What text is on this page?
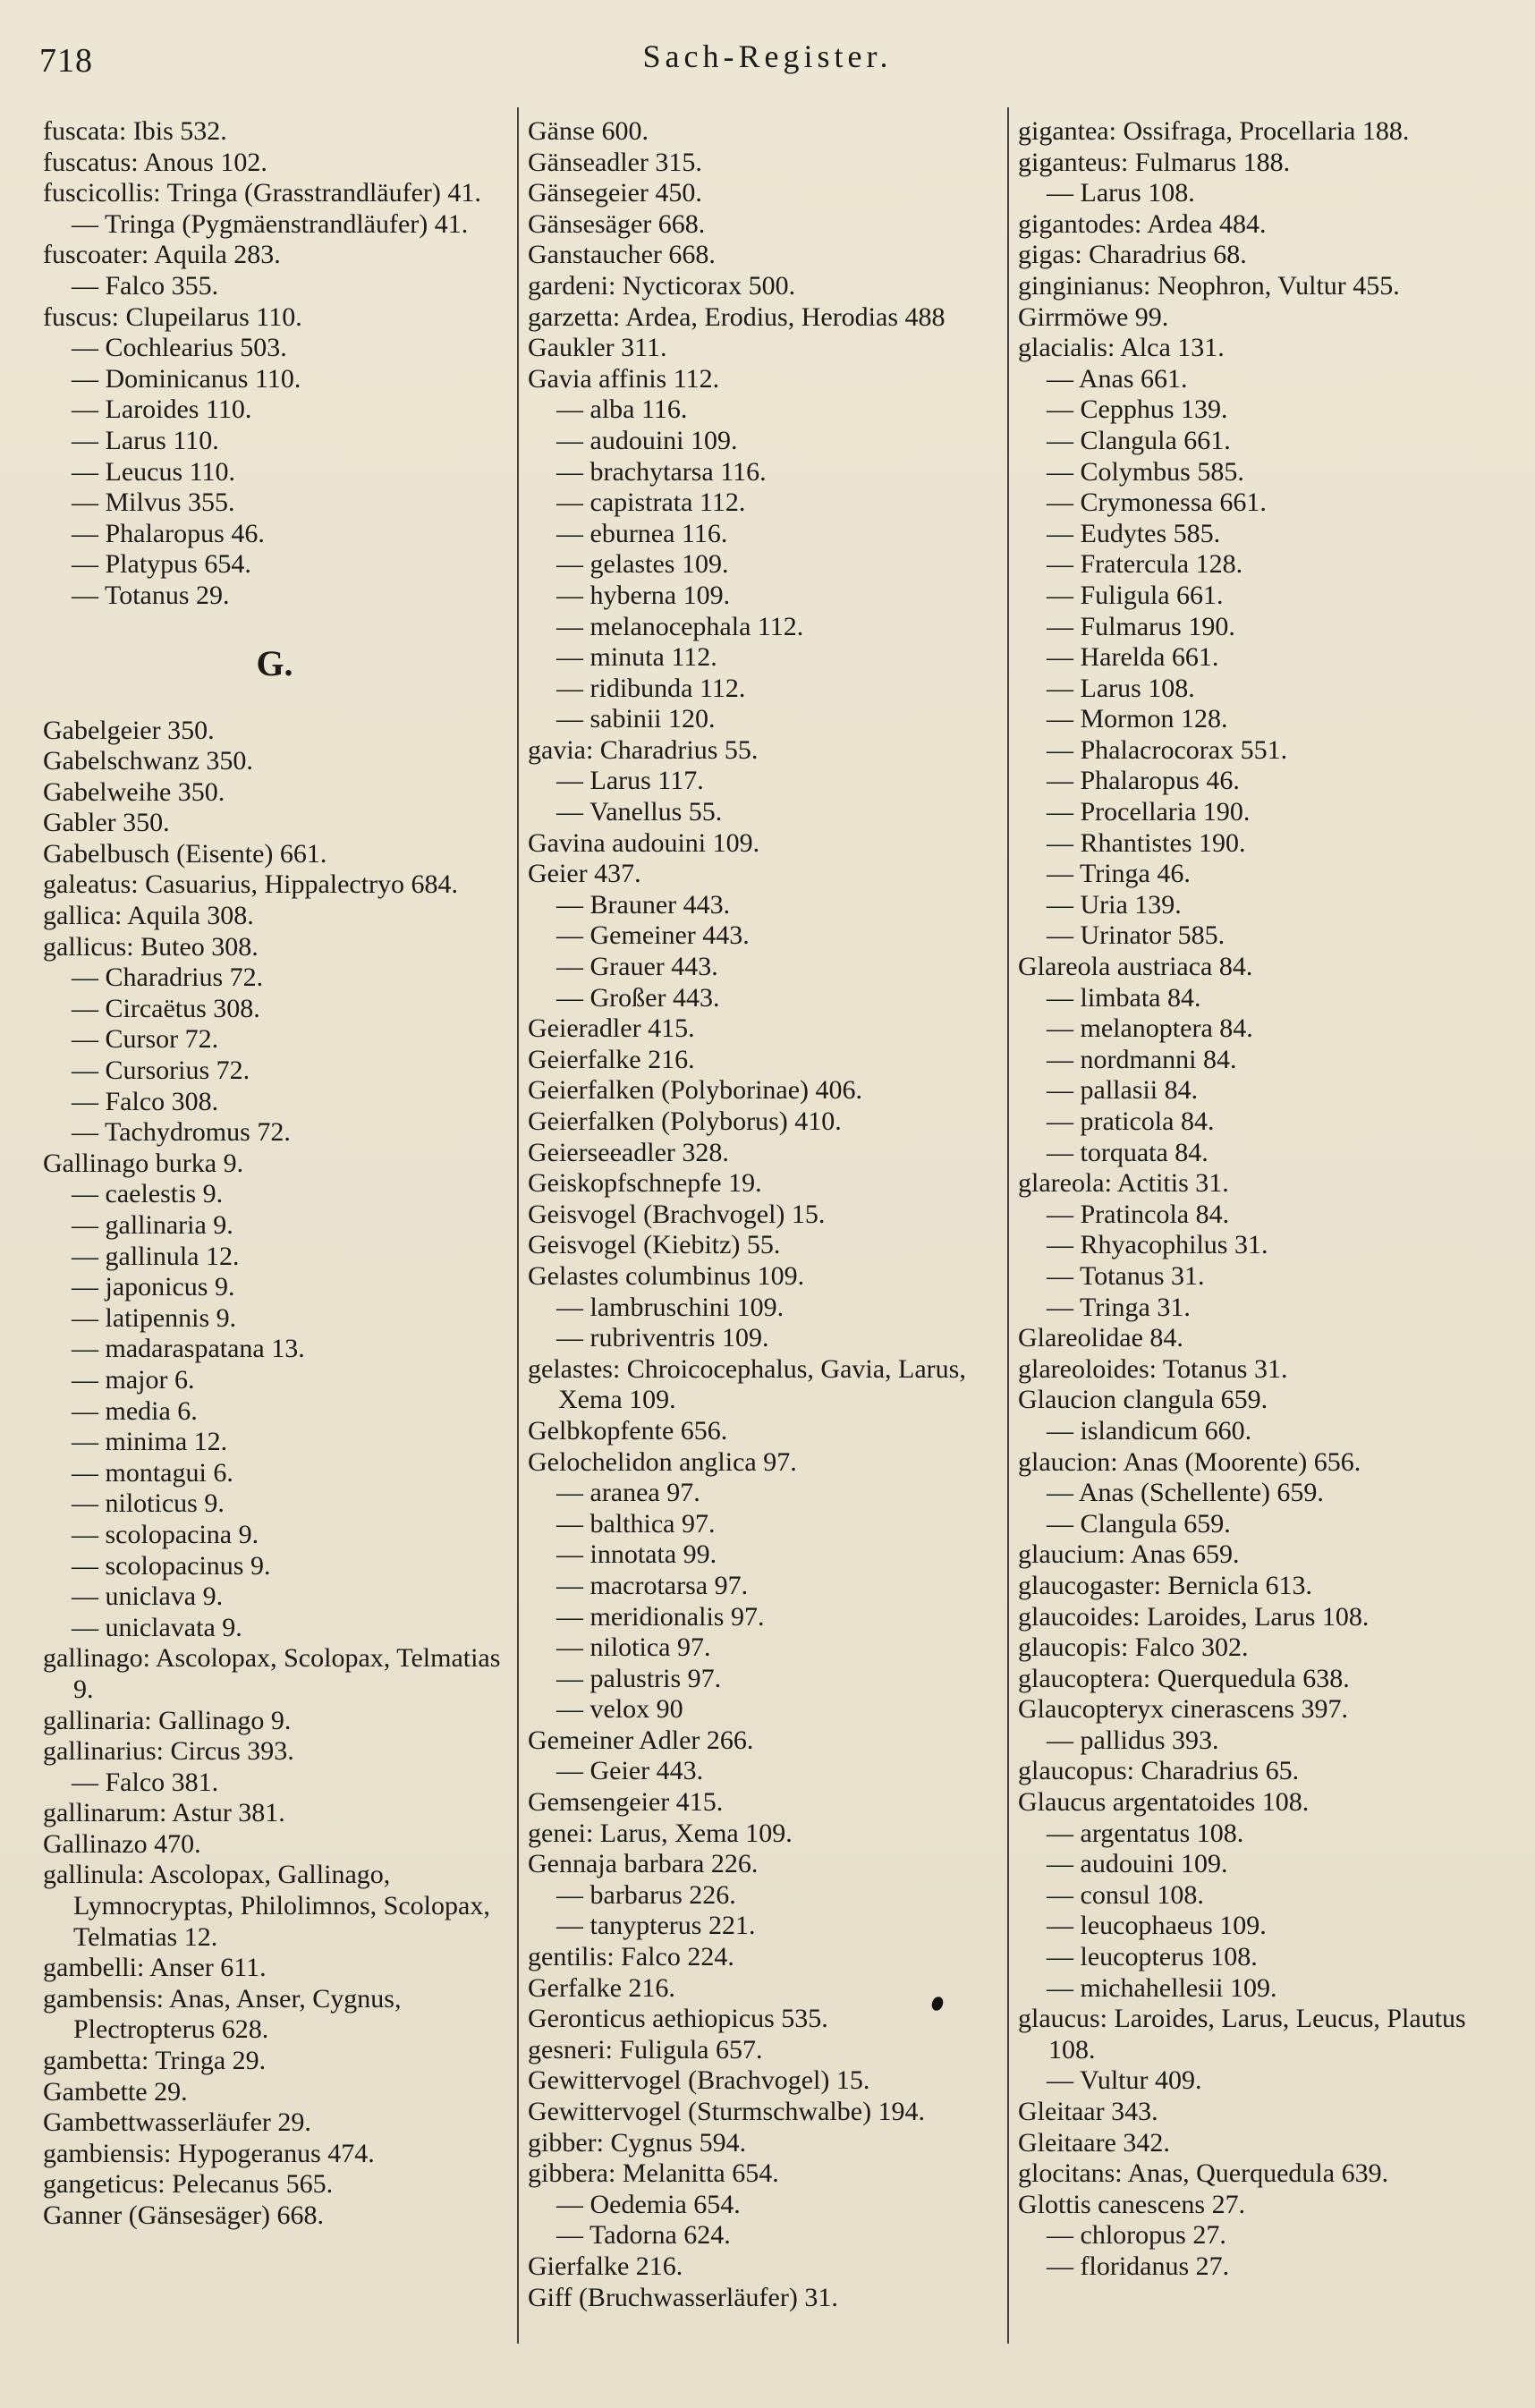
718	Sach-Register.
fuscata: Ibis 532.
fuscatus: Anous 102.
fuscicollis: Tringa (Grasstrandläufer) 41.
— Tringa (Pygmäenstrandläufer) 41.
fuscoater: Aquila 283.
— Falco 355.
fuscus: Clupeilarus 110.
— Cochlearius 503.
— Dominicanus 110.
— Laroides 110.
— Larus 110.
— Leucus 110.
— Milvus 355.
— Phalaropus 46.
— Platypus 654.
— Totanus 29.
G.
Gabelgeier 350.
Gabelschwanz 350.
Gabelweihe 350.
Gabler 350.
Gabelbusch (Eisente) 661.
galeatus: Casuarius, Hippalectryo 684.
gallica: Aquila 308.
gallicus: Buteo 308.
— Charadrius 72.
— Circaëtus 308.
— Cursor 72.
— Cursorius 72.
— Falco 308.
— Tachydromus 72.
Gallinago burka 9.
— caelestis 9.
— gallinaria 9.
— gallinula 12.
— japonicus 9.
— latipennis 9.
— madaraspatana 13.
— major 6.
— media 6.
— minima 12.
— montagui 6.
— niloticus 9.
— scolopacina 9.
— scolopacinus 9.
— uniclava 9.
— uniclavata 9.
gallinago: Ascolopax, Scolopax, Telmatias 9.
gallinaria: Gallinago 9.
gallinarius: Circus 393.
— Falco 381.
gallinarum: Astur 381.
Gallinazo 470.
gallinula: Ascolopax, Gallinago, Lymnocryptas, Philolimnos, Scolopax, Telmatias 12.
gambelli: Anser 611.
gambensis: Anas, Anser, Cygnus, Plectropterus 628.
gambetta: Tringa 29.
Gambette 29.
Gambettwasserläufer 29.
gambiensis: Hypogeranus 474.
gangeticus: Pelecanus 565.
Ganner (Gänsesäger) 668.
Gänse 600.
Gänseadler 315.
Gänsegeier 450.
Gänsesäger 668.
Ganstaucher 668.
gardeni: Nycticorax 500.
garzetta: Ardea, Erodius, Herodias 488
Gaukler 311.
Gavia affinis 112.
— alba 116.
— audouini 109.
— brachytarsa 116.
— capistrata 112.
— eburnea 116.
— gelastes 109.
— hyberna 109.
— melanocephala 112.
— minuta 112.
— ridibunda 112.
— sabinii 120.
gavia: Charadrius 55.
— Larus 117.
— Vanellus 55.
Gavina audouini 109.
Geier 437.
— Brauner 443.
— Gemeiner 443.
— Grauer 443.
— Großer 443.
Geieradler 415.
Geierfalke 216.
Geierfalken (Polyborinae) 406.
Geierfalken (Polyborus) 410.
Geierseeadler 328.
Geiskopfschnepfe 19.
Geisvogel (Brachvogel) 15.
Geisvogel (Kiebitz) 55.
Gelastes columbinus 109.
— lambruschini 109.
— rubriventris 109.
gelastes: Chroicocephalus, Gavia, Larus, Xema 109.
Gelbkopfente 656.
Gelochelidon anglica 97.
— aranea 97.
— balthica 97.
— innotata 99.
— macrotarsa 97.
— meridionalis 97.
— nilotica 97.
— palustris 97.
— velox 90
Gemeiner Adler 266.
— Geier 443.
Gemsengeier 415.
genei: Larus, Xema 109.
Gennaja barbara 226.
— barbarus 226.
— tanypterus 221.
gentilis: Falco 224.
Gerfalke 216.
Geronticus aethiopicus 535.
gesneri: Fuligula 657.
Gewittervogel (Brachvogel) 15.
Gewittervogel (Sturmschwalbe) 194.
gibber: Cygnus 594.
gibbera: Melanitta 654.
— Oedemia 654.
— Tadorna 624.
Gierfalke 216.
Giff (Bruchwasserläufer) 31.
gigantea: Ossifraga, Procellaria 188.
giganteus: Fulmarus 188.
— Larus 108.
gigantodes: Ardea 484.
gigas: Charadrius 68.
ginginianus: Neophron, Vultur 455.
Girrmöwe 99.
glacialis: Alca 131.
— Anas 661.
— Cepphus 139.
— Clangula 661.
— Colymbus 585.
— Crymonessa 661.
— Eudytes 585.
— Fratercula 128.
— Fuligula 661.
— Fulmarus 190.
— Harelda 661.
— Larus 108.
— Mormon 128.
— Phalacrocorax 551.
— Phalaropus 46.
— Procellaria 190.
— Rhantistes 190.
— Tringa 46.
— Uria 139.
— Urinator 585.
Glareola austriaca 84.
— limbata 84.
— melanoptera 84.
— nordmanni 84.
— pallasii 84.
— praticola 84.
— torquata 84.
glareola: Actitis 31.
— Pratincola 84.
— Rhyacophilus 31.
— Totanus 31.
— Tringa 31.
Glareolidae 84.
glareoloides: Totanus 31.
Glaucion clangula 659.
— islandicum 660.
glaucion: Anas (Moorente) 656.
— Anas (Schellente) 659.
— Clangula 659.
glaucium: Anas 659.
glaucogaster: Bernicla 613.
glaucoides: Laroides, Larus 108.
glaucopis: Falco 302.
glaucoptera: Querquedula 638.
Glaucopteryx cinerascens 397.
— pallidus 393.
glaucopus: Charadrius 65.
Glaucus argentatoides 108.
— argentatus 108.
— audouini 109.
— consul 108.
— leucophaeus 109.
— leucopterus 108.
— michahellesii 109.
glaucus: Laroides, Larus, Leucus, Plautus 108.
— Vultur 409.
Gleitaar 343.
Gleitaare 342.
glocitans: Anas, Querquedula 639.
Glottis canescens 27.
— chloropus 27.
— floridanus 27.
